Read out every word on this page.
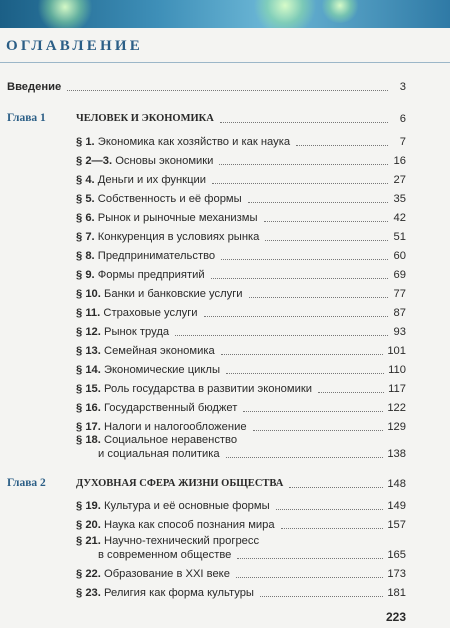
ОГЛАВЛЕНИЕ
Введение	3
Глава 1	ЧЕЛОВЕК И ЭКОНОМИКА	6
§ 1. Экономика как хозяйство и как наука	7
§ 2—3. Основы экономики	16
§ 4. Деньги и их функции	27
§ 5. Собственность и её формы	35
§ 6. Рынок и рыночные механизмы	42
§ 7. Конкуренция в условиях рынка	51
§ 8. Предпринимательство	60
§ 9. Формы предприятий	69
§ 10. Банки и банковские услуги	77
§ 11. Страховые услуги	87
§ 12. Рынок труда	93
§ 13. Семейная экономика	101
§ 14. Экономические циклы	110
§ 15. Роль государства в развитии экономики	117
§ 16. Государственный бюджет	122
§ 17. Налоги и налогообложение	129
§ 18. Социальное неравенство
и социальная политика	138
Глава 2	ДУХОВНАЯ СФЕРА ЖИЗНИ ОБЩЕСТВА	148
§ 19. Культура и её основные формы	149
§ 20. Наука как способ познания мира	157
§ 21. Научно-технический прогресс
в современном обществе	165
§ 22. Образование в XXI веке	173
§ 23. Религия как форма культуры	181
223
